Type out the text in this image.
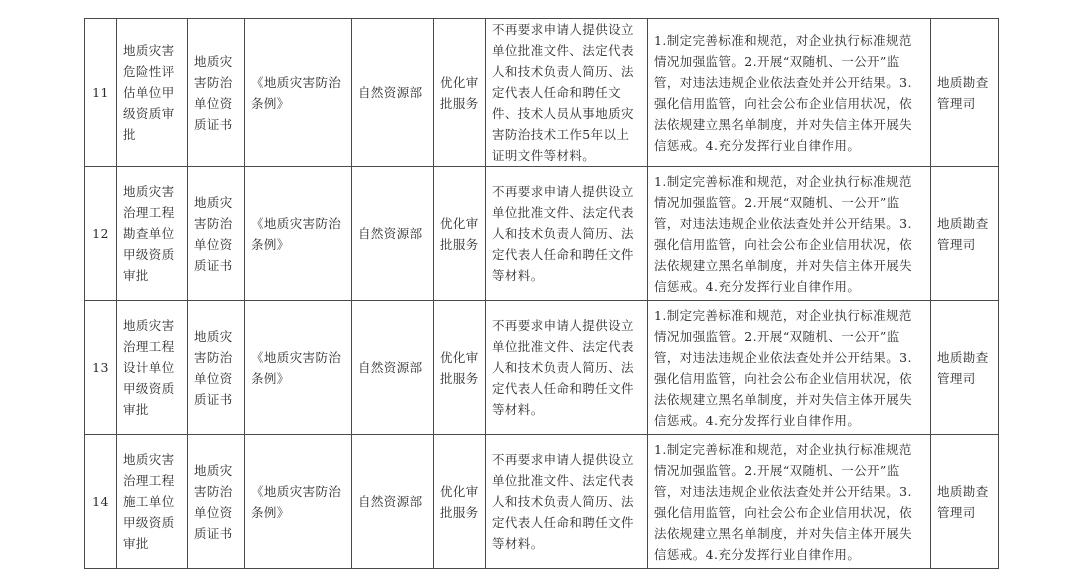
11	地质灾害危险性评估单位甲级资质审批	地质灾害防治单位资质证书	《地质灾害防治条例》	自然资源部	优化审批服务	不再要求申请人提供设立单位批准文件、法定代表人和技术负责人简历、法定代表人任命和聘任文件、技术人员从事地质灾害防治技术工作5年以上证明文件等材料。	1.制定完善标准和规范，对企业执行标准规范情况加强监管。2.开展“双随机、一公开”监管，对违法违规企业依法查处并公开结果。3.强化信用监管，向社会公布企业信用状况，依法依规建立黑名单制度，并对失信主体开展失信惩戒。4.充分发挥行业自律作用。	地质勘查管理司
12	地质灾害治理工程勘查单位甲级资质审批	地质灾害防治单位资质证书	《地质灾害防治条例》	自然资源部	优化审批服务	不再要求申请人提供设立单位批准文件、法定代表人和技术负责人简历、法定代表人任命和聘任文件等材料。	1.制定完善标准和规范，对企业执行标准规范情况加强监管。2.开展“双随机、一公开”监管，对违法违规企业依法查处并公开结果。3.强化信用监管，向社会公布企业信用状况，依法依规建立黑名单制度，并对失信主体开展失信惩戒。4.充分发挥行业自律作用。	地质勘查管理司
13	地质灾害治理工程设计单位甲级资质审批	地质灾害防治单位资质证书	《地质灾害防治条例》	自然资源部	优化审批服务	不再要求申请人提供设立单位批准文件、法定代表人和技术负责人简历、法定代表人任命和聘任文件等材料。	1.制定完善标准和规范，对企业执行标准规范情况加强监管。2.开展“双随机、一公开”监管，对违法违规企业依法查处并公开结果。3.强化信用监管，向社会公布企业信用状况，依法依规建立黑名单制度，并对失信主体开展失信惩戒。4.充分发挥行业自律作用。	地质勘查管理司
14	地质灾害治理工程施工单位甲级资质审批	地质灾害防治单位资质证书	《地质灾害防治条例》	自然资源部	优化审批服务	不再要求申请人提供设立单位批准文件、法定代表人和技术负责人简历、法定代表人任命和聘任文件等材料。	1.制定完善标准和规范，对企业执行标准规范情况加强监管。2.开展“双随机、一公开”监管，对违法违规企业依法查处并公开结果。3.强化信用监管，向社会公布企业信用状况，依法依规建立黑名单制度，并对失信主体开展失信惩戒。4.充分发挥行业自律作用。	地质勘查管理司
